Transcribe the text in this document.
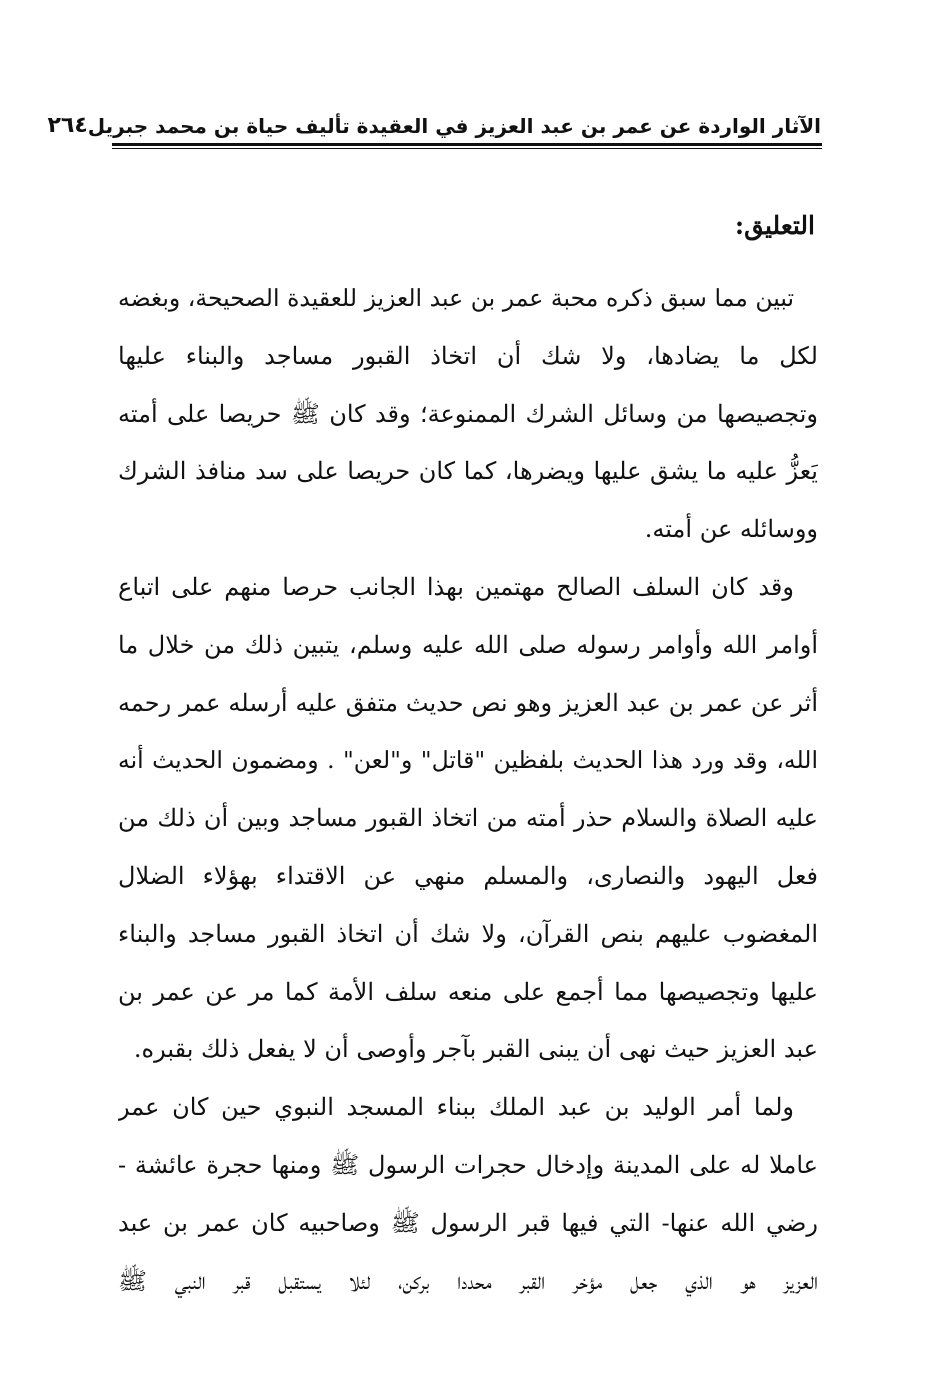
الآثار الواردة عن عمر بن عبد العزيز في العقيدة تأليف حياة بن محمد جبريل
٢٦٤
التعليق:
تبين مما سبق ذكره محبة عمر بن عبد العزيز للعقيدة الصحيحة، وبغضه
لكل ما يضادها، ولا شك أن اتخاذ القبور مساجد والبناء عليها
وتجصيصها من وسائل الشرك الممنوعة؛ وقد كان ﷺ حريصا على أمته
يَعزُّ عليه ما يشق عليها ويضرها، كما كان حريصا على سد منافذ الشرك
ووسائله عن أمته.
وقد كان السلف الصالح مهتمين بهذا الجانب حرصا منهم على اتباع
أوامر الله وأوامر رسوله صلى الله عليه وسلم، يتبين ذلك من خلال ما
أثر عن عمر بن عبد العزيز وهو نص حديث متفق عليه أرسله عمر رحمه
الله، وقد ورد هذا الحديث بلفظين "قاتل" و"لعن" . ومضمون الحديث أنه
عليه الصلاة والسلام حذر أمته من اتخاذ القبور مساجد وبين أن ذلك من
فعل اليهود والنصارى، والمسلم منهي عن الاقتداء بهؤلاء الضلال
المغضوب عليهم بنص القرآن، ولا شك أن اتخاذ القبور مساجد والبناء
عليها وتجصيصها مما أجمع على منعه سلف الأمة كما مر عن عمر بن
عبد العزيز حيث نهى أن يبنى القبر بآجر وأوصى أن لا يفعل ذلك بقبره.
ولما أمر الوليد بن عبد الملك ببناء المسجد النبوي حين كان عمر
عاملا له على المدينة وإدخال حجرات الرسول ﷺ ومنها حجرة عائشة -
رضي الله عنها- التي فيها قبر الرسول ﷺ وصاحبيه كان عمر بن عبد
العزيز هو الذي جعل مؤخر القبر محددا بركن، لئلا يستقبل قبر النبي ﷺ
